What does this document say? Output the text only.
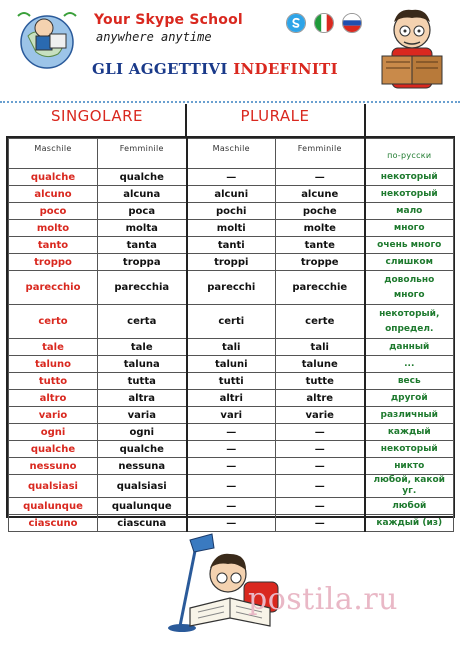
Your Skype School
anywhere anytime
GLI AGGETTIVI INDEFINITI
SINGOLARE	PLURALE
Maschile	Femminile	Maschile	Femminile	по-русски
qualche	qualche	—	—	некоторый
alcuno	alcuna	alcuni	alcune	некоторый
poco	poca	pochi	poche	мало
molto	molta	molti	molte	много
tanto	tanta	tanti	tante	очень много
troppo	troppa	troppi	troppe	слишком
parecchio	parecchia	parecchi	parecchie	довольно много
certo	certa	certi	certe	некоторый, определ.
tale	tale	tali	tali	данный
taluno	taluna	taluni	talune	...
tutto	tutta	tutti	tutte	весь
altro	altra	altri	altre	другой
vario	varia	vari	varie	различный
ogni	ogni	—	—	каждый
qualche	qualche	—	—	некоторый
nessuno	nessuna	—	—	никто
qualsiasi	qualsiasi	—	—	любой, какой уг.
qualunque	qualunque	—	—	любой
ciascuno	ciascuna	—	—	каждый (из)
postila.ru
